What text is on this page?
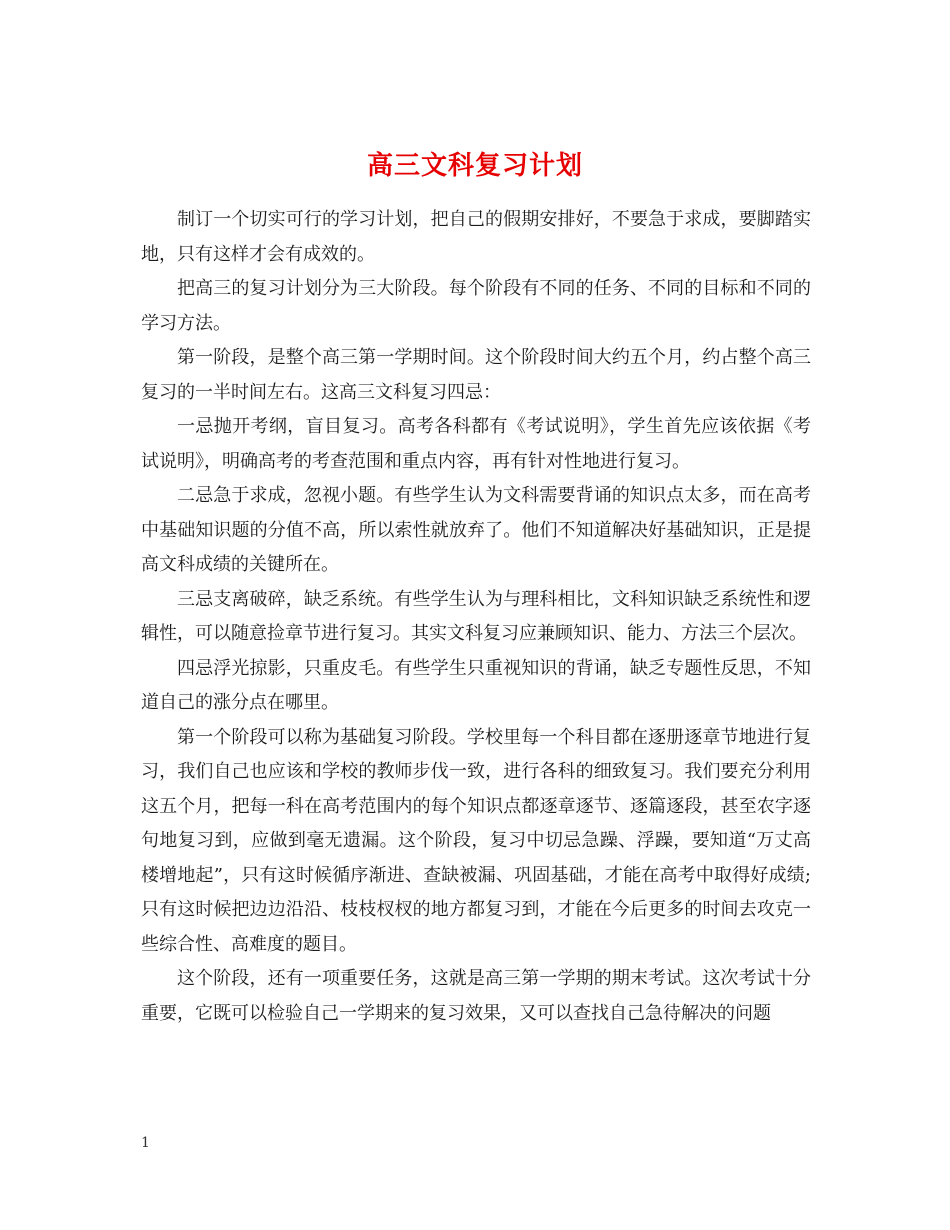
高三文科复习计划

制订一个切实可行的学习计划，把自己的假期安排好，不要急于求成，要脚踏实地，只有这样才会有成效的。

把高三的复习计划分为三大阶段。每个阶段有不同的任务、不同的目标和不同的学习方法。

第一阶段，是整个高三第一学期时间。这个阶段时间大约五个月，约占整个高三复习的一半时间左右。这高三文科复习四忌：

一忌抛开考纲，盲目复习。高考各科都有《考试说明》，学生首先应该依据《考试说明》，明确高考的考查范围和重点内容，再有针对性地进行复习。

二忌急于求成，忽视小题。有些学生认为文科需要背诵的知识点太多，而在高考中基础知识题的分值不高，所以索性就放弃了。他们不知道解决好基础知识，正是提高文科成绩的关键所在。

三忌支离破碎，缺乏系统。有些学生认为与理科相比，文科知识缺乏系统性和逻辑性，可以随意捡章节进行复习。其实文科复习应兼顾知识、能力、方法三个层次。

四忌浮光掠影，只重皮毛。有些学生只重视知识的背诵，缺乏专题性反思，不知道自己的涨分点在哪里。

第一个阶段可以称为基础复习阶段。学校里每一个科目都在逐册逐章节地进行复习，我们自己也应该和学校的教师步伐一致，进行各科的细致复习。我们要充分利用这五个月，把每一科在高考范围内的每个知识点都逐章逐节、逐篇逐段，甚至农字逐句地复习到，应做到毫无遗漏。这个阶段，复习中切忌急躁、浮躁，要知道“万丈高楼增地起”，只有这时候循序渐进、查缺被漏、巩固基础，才能在高考中取得好成绩;只有这时候把边边沿沿、枝枝杈杈的地方都复习到，才能在今后更多的时间去攻克一些综合性、高难度的题目。

这个阶段，还有一项重要任务，这就是高三第一学期的期末考试。这次考试十分重要，它既可以检验自己一学期来的复习效果，又可以查找自己急待解决的问题

1
